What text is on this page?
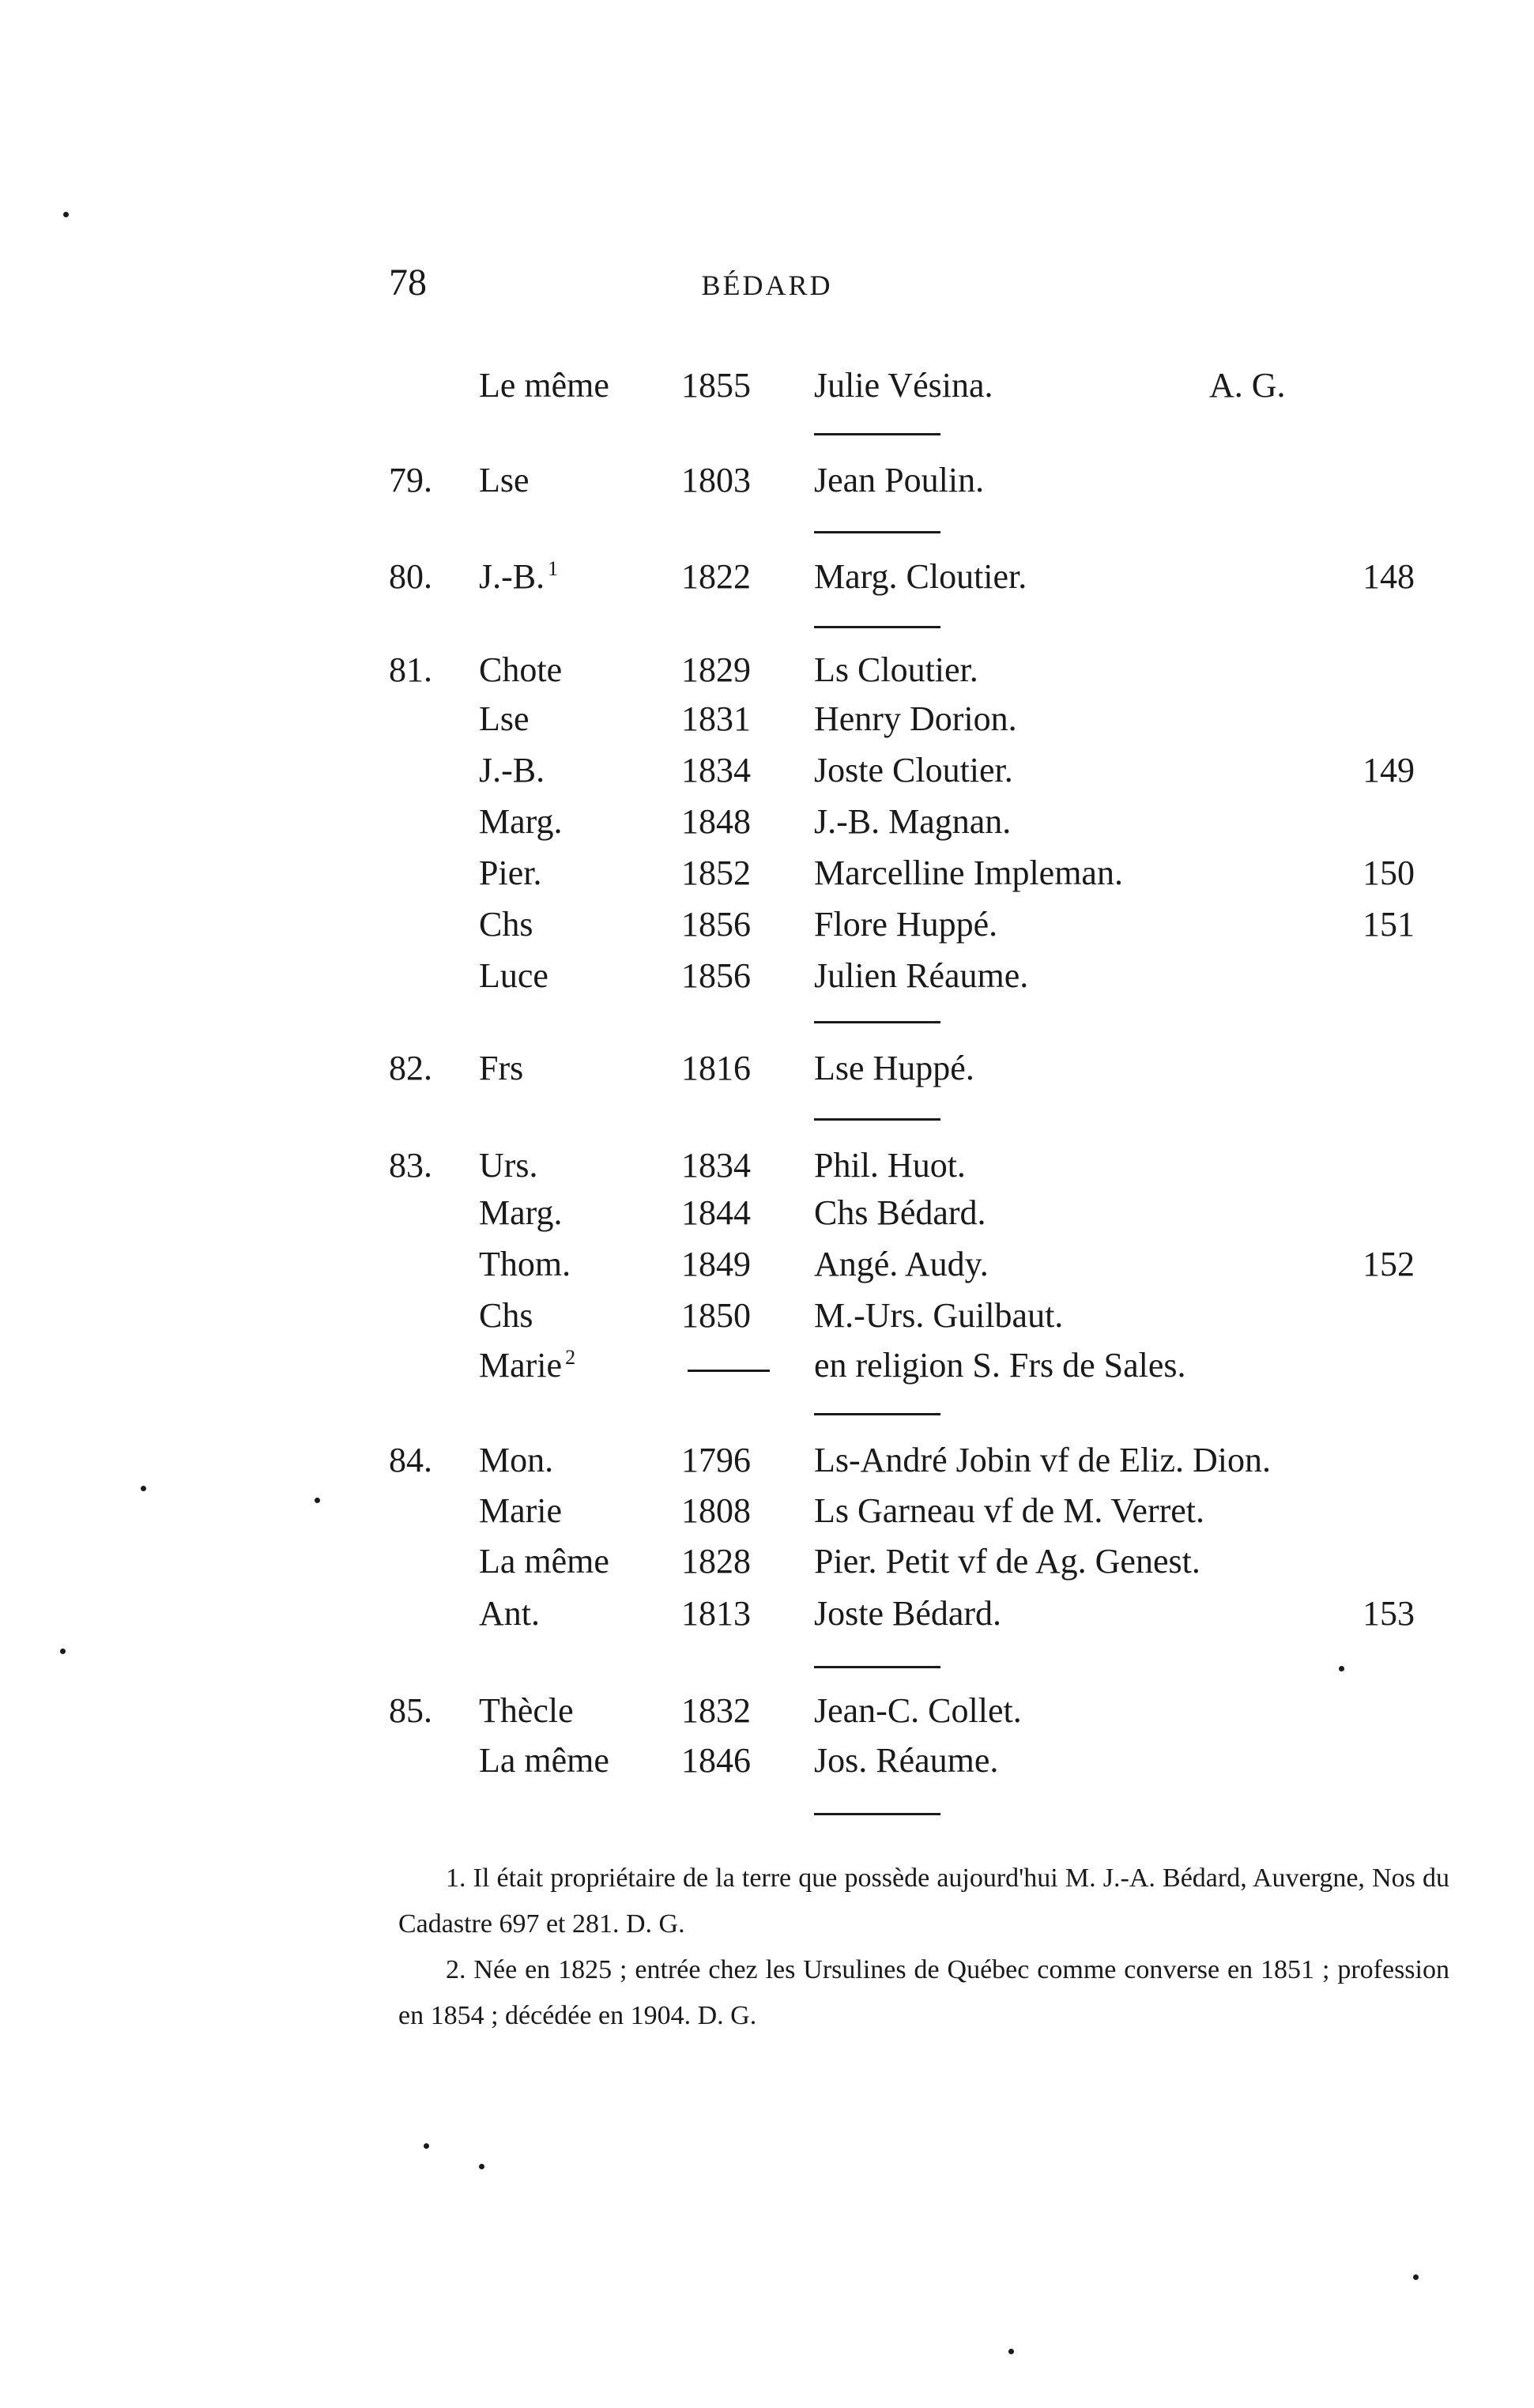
78	BÉDARD
Le même 1855 Julie Vésina.	A. G.
79. Lse	1803 Jean Poulin.
80. J.-B. $^1$	1822 Marg. Cloutier.	148
81. Chote	1829 Ls Cloutier.
Lse	1831 Henry Dorion.
J.-B.	1834 Joste Cloutier.	149
Marg.	1848 J.-B. Magnan.
Pier.	1852 Marcelline Impleman.	150
Chs	1856 Flore Huppé.	151
Luce	1856 Julien Réaume.
82. Frs	1816 Lse Huppé.
83. Urs.	1834 Phil. Huot.
Marg.	1844 Chs Bédard.
Thom.	1849 Angé. Audy.	152
Chs	1850 M.-Urs. Guilbaut.
Marie $^2$	en religion S. Frs de Sales.
84. Mon.	1796 Ls-André Jobin vf de Eliz. Dion.
Marie	1808 Ls Garneau vf de M. Verret.
La même 1828 Pier. Petit vf de Ag. Genest.
Ant.	1813 Joste Bédard.	153
85. Thècle	1832 Jean-C. Collet.
La même 1846 Jos. Réaume.
1. Il était propriétaire de la terre que possède aujourd'hui M. J.-A. Bédard, Auvergne, Nos du Cadastre 697 et 281. D. G.
2. Née en 1825 ; entrée chez les Ursulines de Québec comme converse en 1851 ; profession en 1854 ; décédée en 1904. D. G.
